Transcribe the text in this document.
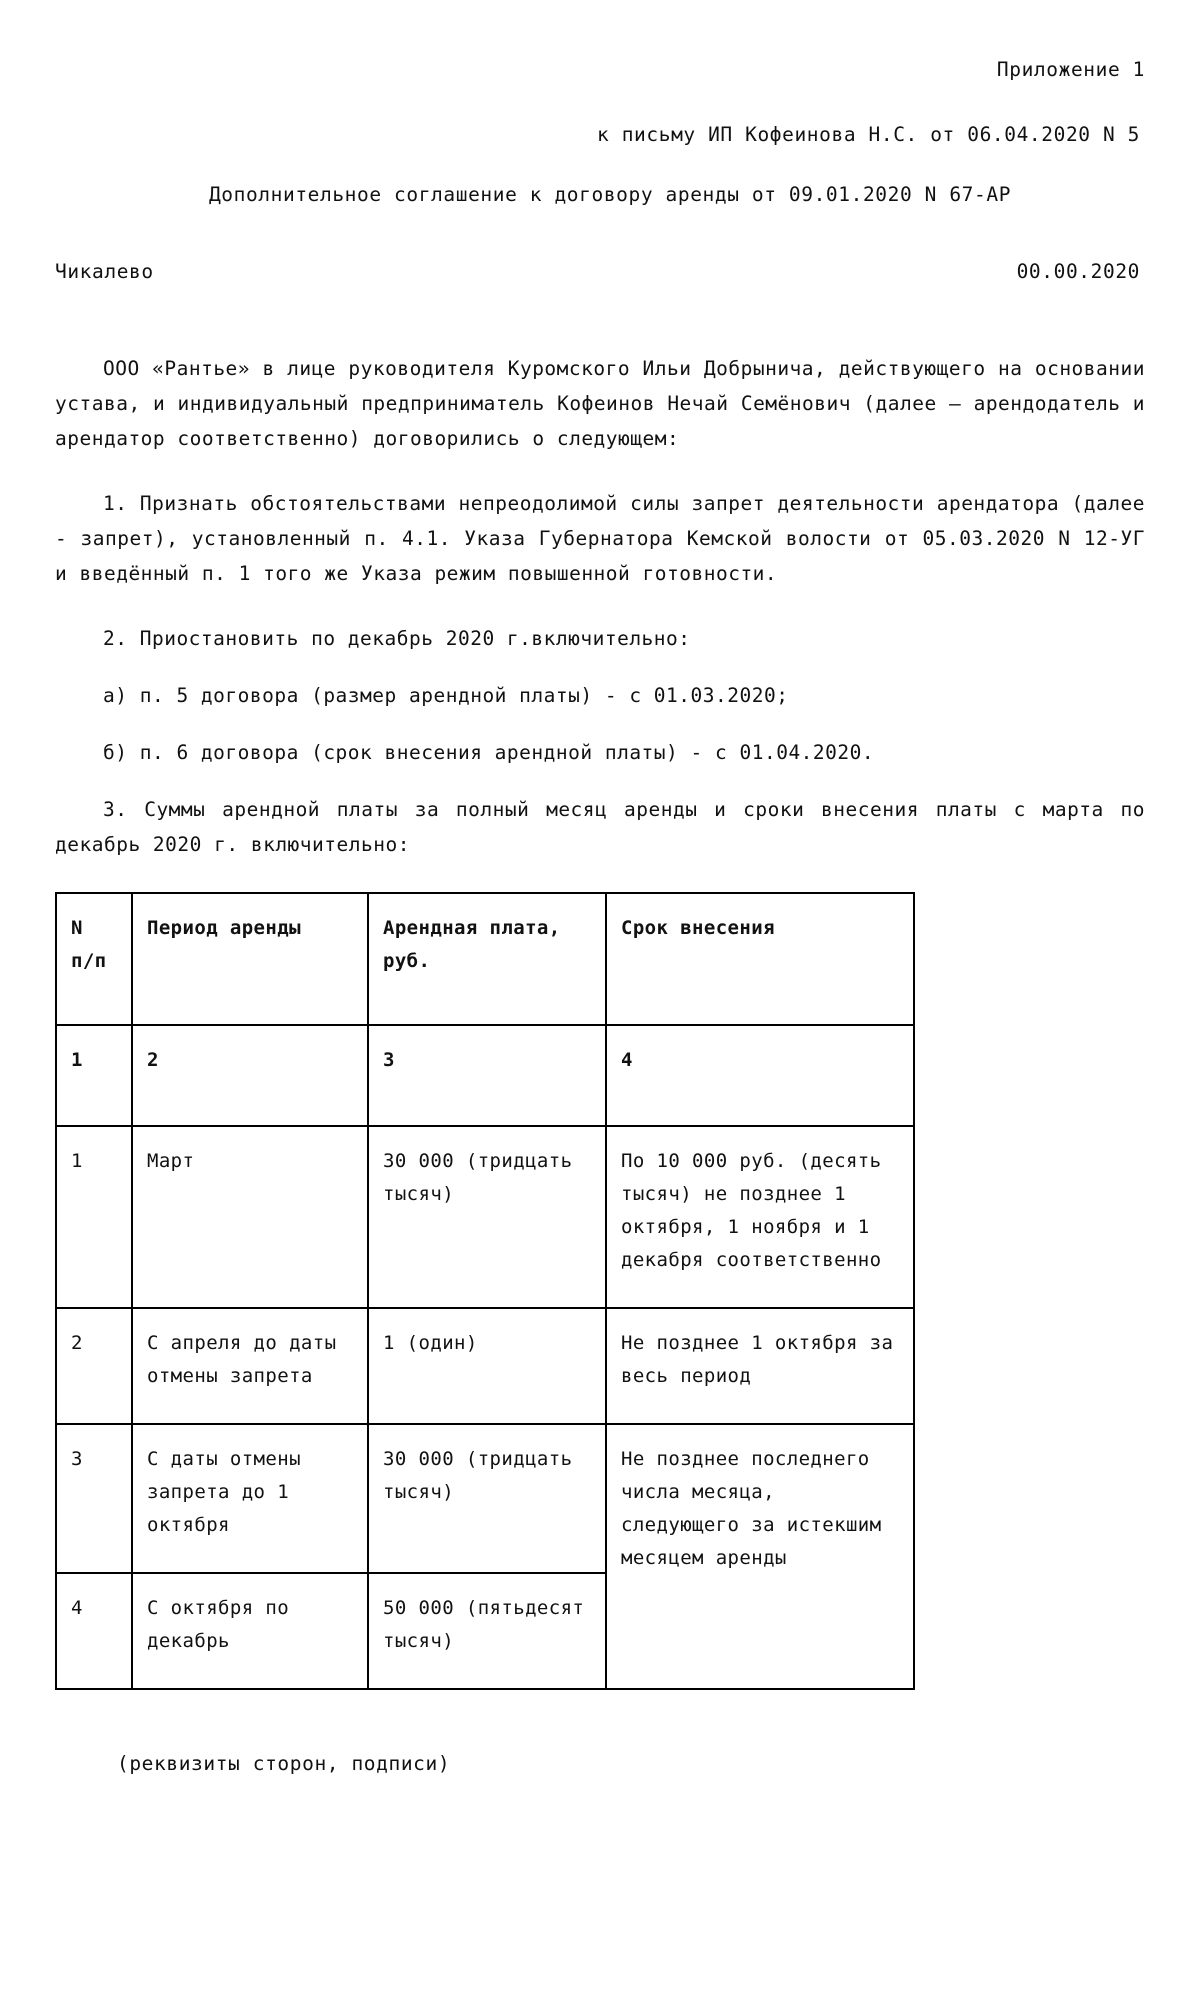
Приложение 1
к письму ИП Кофеинова Н.С. от 06.04.2020 N 5
Дополнительное соглашение к договору аренды от 09.01.2020 N 67-АР
Чикалево	00.00.2020

ООО «Рантье» в лице руководителя Куромского Ильи Добрынича, действующего на основании устава, и индивидуальный предприниматель Кофеинов Нечай Семёнович (далее – арендодатель и арендатор соответственно) договорились о следующем:

1. Признать обстоятельствами непреодолимой силы запрет деятельности арендатора (далее - запрет), установленный п. 4.1. Указа Губернатора Кемской волости от 05.03.2020 N 12-УГ и введённый п. 1 того же Указа режим повышенной готовности.

2. Приостановить по декабрь 2020 г.включительно:

а) п. 5 договора (размер арендной платы) - с 01.03.2020;

б) п. 6 договора (срок внесения арендной платы) - с 01.04.2020.

3. Суммы арендной платы за полный месяц аренды и сроки внесения платы с марта по декабрь 2020 г. включительно:

N п/п	Период аренды	Арендная плата, руб.	Срок внесения
1	2	3	4
1	Март	30 000 (тридцать тысяч)	По 10 000 руб. (десять тысяч) не позднее 1 октября, 1 ноября и 1 декабря соответственно
2	С апреля до даты отмены запрета	1 (один)	Не позднее 1 октября за весь период
3	С даты отмены запрета до 1 октября	30 000 (тридцать тысяч)	Не позднее последнего числа месяца, следующего за истекшим месяцем аренды
4	С октября по декабрь	50 000 (пятьдесят тысяч)	
(реквизиты сторон, подписи)
